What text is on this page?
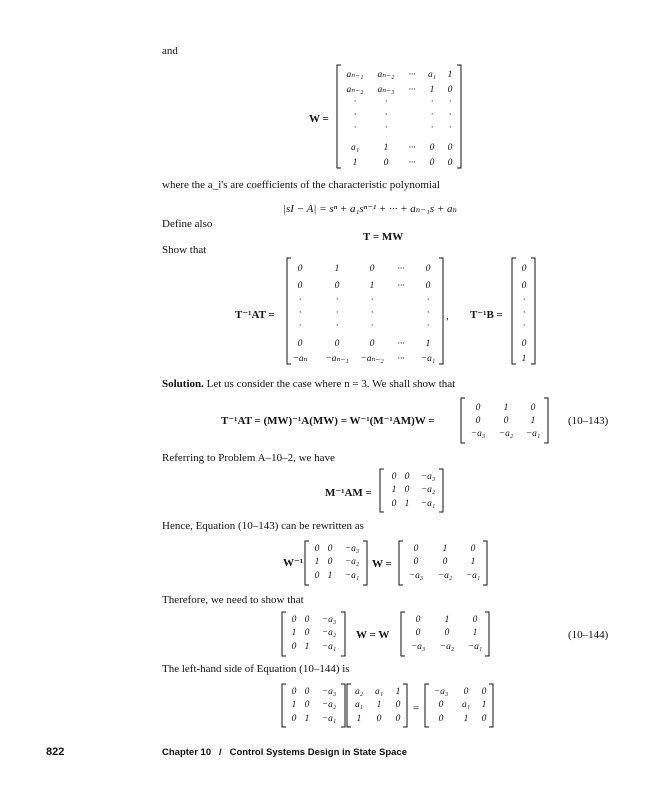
and
W =
where the a_i's are coefficients of the characteristic polynomial
|sI − A| = sⁿ + a₁sⁿ⁻¹ + ··· + aₙ₋₁s + aₙ
Define also
T = MW
Show that
T⁻¹AT =	, T⁻¹B =
Solution. Let us consider the case where n = 3. We shall show that
T⁻¹AT = (MW)⁻¹A(MW) = W⁻¹(M⁻¹AM)W =	(10–143)
Referring to Problem A–10–2, we have
M⁻¹AM =
Hence, Equation (10–143) can be rewritten as
W⁻¹	W =
Therefore, we need to show that
W = W	(10–144)
The left-hand side of Equation (10–144) is
=
aₙ₋₁ aₙ₋₂ ··· a₁ 1
aₙ₋₂ aₙ₋₃ ··· 1 0
·	·	· ·
·	·	· ·
·	·	· ·
a₁	1 ··· 0 0
1	0 ··· 0 0
0	1	0 ··· 0
0	0	1 ··· 0
·	·	·	·
·	·	·	·
·	·	·	·
0	0	0 ··· 1
−aₙ −aₙ₋₁ −aₙ₋₂ ··· −a₁
0
0
·
·
·
0
1
0 1 0
0 0 1
−a₃ −a₂ −a₁
0 0 −a₃
1 0 −a₂
0 1 −a₁
0 0 −a₃
1 0 −a₂
0 1 −a₁
0	1 0
0	0 1
−a₃ −a₂ −a₁
0 0 −a₃
1 0 −a₂
0 1 −a₁
0	1 0
0	0 1
−a₃ −a₂ −a₁
0 0 −a₃
1 0 −a₂
0 1 −a₁
a₂ a₁ 1
a₁ 1 0
1 0 0
−a₃ 0 0
0 a₁ 1
0 1 0
822	Chapter 10 / Control Systems Design in State Space
